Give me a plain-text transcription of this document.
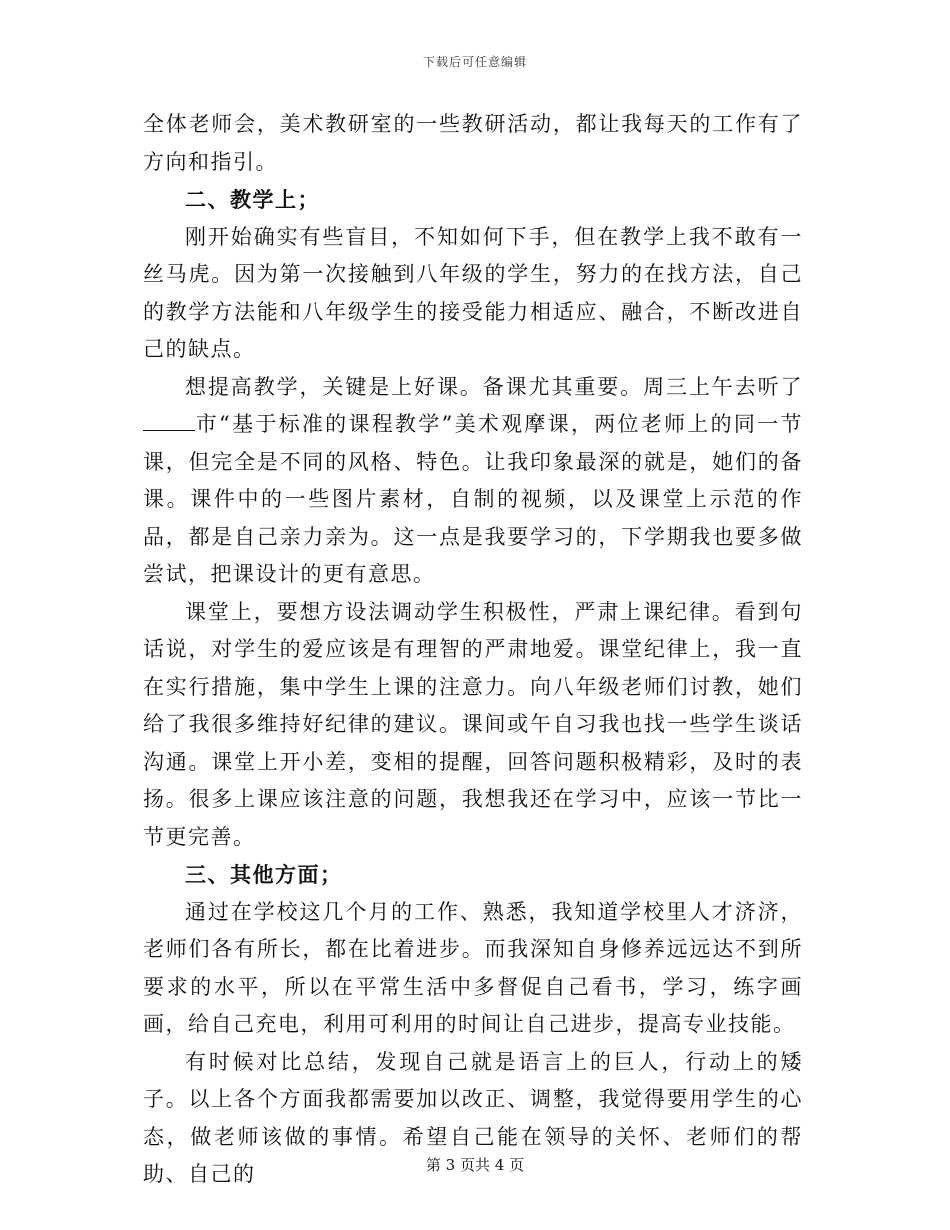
下载后可任意编辑

全体老师会，美术教研室的一些教研活动，都让我每天的工作有了方向和指引。

二、教学上；

刚开始确实有些盲目，不知如何下手，但在教学上我不敢有一丝马虎。因为第一次接触到八年级的学生，努力的在找方法，自己的教学方法能和八年级学生的接受能力相适应、融合，不断改进自己的缺点。

想提高教学，关键是上好课。备课尤其重要。周三上午去听了市“基于标准的课程教学”美术观摩课，两位老师上的同一节课，但完全是不同的风格、特色。让我印象最深的就是，她们的备课。课件中的一些图片素材，自制的视频，以及课堂上示范的作品，都是自己亲力亲为。这一点是我要学习的，下学期我也要多做尝试，把课设计的更有意思。

课堂上，要想方设法调动学生积极性，严肃上课纪律。看到句话说，对学生的爱应该是有理智的严肃地爱。课堂纪律上，我一直在实行措施，集中学生上课的注意力。向八年级老师们讨教，她们给了我很多维持好纪律的建议。课间或午自习我也找一些学生谈话沟通。课堂上开小差，变相的提醒，回答问题积极精彩，及时的表扬。很多上课应该注意的问题，我想我还在学习中，应该一节比一节更完善。

三、其他方面；

通过在学校这几个月的工作、熟悉，我知道学校里人才济济，老师们各有所长，都在比着进步。而我深知自身修养远远达不到所要求的水平，所以在平常生活中多督促自己看书，学习，练字画画，给自己充电，利用可利用的时间让自己进步，提高专业技能。

有时候对比总结，发现自己就是语言上的巨人，行动上的矮子。以上各个方面我都需要加以改正、调整，我觉得要用学生的心态，做老师该做的事情。希望自己能在领导的关怀、老师们的帮助、自己的	第 3 页共 4 页
